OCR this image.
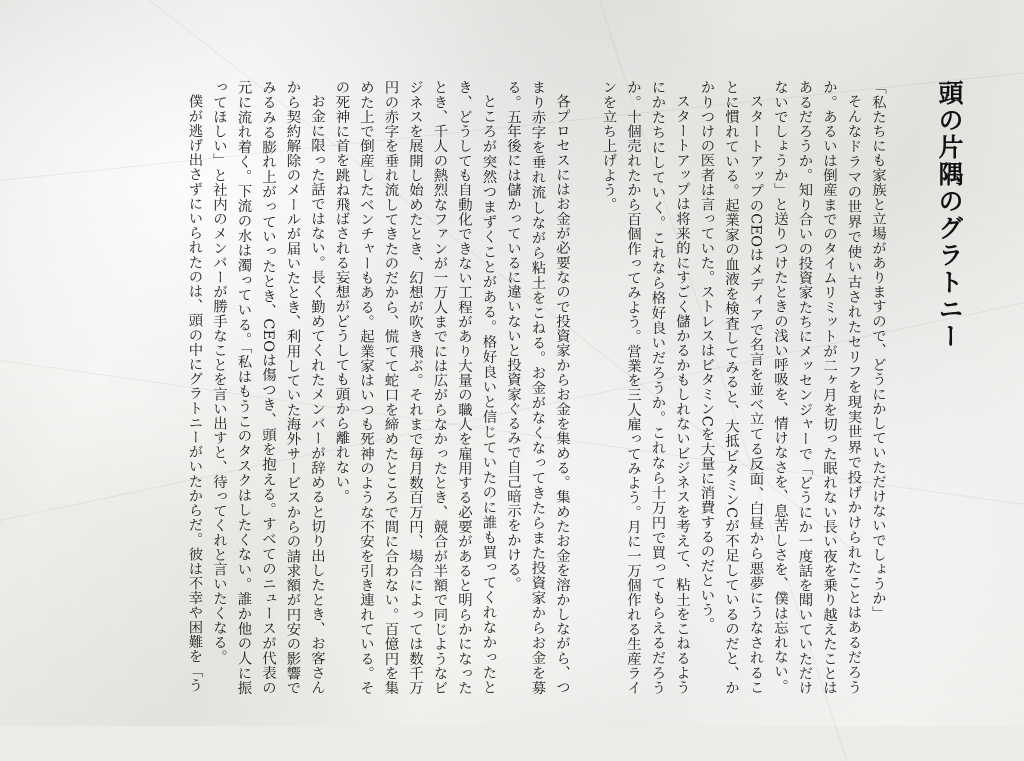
頭の片隅のグラトニー

「私たちにも家族と立場がありますので、どうにかしていただけないでしょうか」

そんなドラマの世界で使い古されたセリフを現実世界で投げかけられたことはあるだろうか。あるいは倒産までのタイムリミットが二ヶ月を切った眠れない長い夜を乗り越えたことはあるだろうか。知り合いの投資家たちにメッセンジャーで「どうにか一度話を聞いていただけないでしょうか」と送りつけたときの浅い呼吸を、情けなさを、息苦しさを、僕は忘れない。

スタートアップのCEOはメディアで名言を並べ立てる反面、白昼から悪夢にうなされることに慣れている。起業家の血液を検査してみると、大抵ビタミンCが不足しているのだと、かかりつけの医者は言っていた。ストレスはビタミンCを大量に消費するのだという。

スタートアップは将来的にすごく儲かるかもしれないビジネスを考えて、粘土をこねるようにかたちにしていく。これなら格好良いだろうか。これなら十万円で買ってもらえるだろうか。十個売れたから百個作ってみよう。営業を三人雇ってみよう。月に一万個作れる生産ラインを立ち上げよう。

各プロセスにはお金が必要なので投資家からお金を集める。集めたお金を溶かしながら、つまり赤字を垂れ流しながら粘土をこねる。お金がなくなってきたらまた投資家からお金を募る。五年後には儲かっているに違いないと投資家ぐるみで自己暗示をかける。

ところが突然つまずくことがある。格好良いと信じていたのに誰も買ってくれなかったとき、どうしても自動化できない工程があり大量の職人を雇用する必要があると明らかになったとき、千人の熱烈なファンが一万人までには広がらなかったとき、競合が半額で同じようなビジネスを展開し始めたとき、幻想が吹き飛ぶ。それまで毎月数百万円、場合によっては数千万円の赤字を垂れ流してきたのだから、慌てて蛇口を締めたところで間に合わない。百億円を集めた上で倒産したベンチャーもある。起業家はいつも死神のような不安を引き連れている。その死神に首を跳ね飛ばされる妄想がどうしても頭から離れない。

お金に限った話ではない。長く勤めてくれたメンバーが辞めると切り出したとき、お客さんから契約解除のメールが届いたとき、利用していた海外サービスからの請求額が円安の影響でみるみる膨れ上がっていったとき、CEOは傷つき、頭を抱える。すべてのニュースが代表の元に流れ着く。下流の水は濁っている。「私はもうこのタスクはしたくない。誰か他の人に振ってほしい」と社内のメンバーが勝手なことを言い出すと、待ってくれと言いたくなる。

僕が逃げ出さずにいられたのは、頭の中にグラトニーがいたからだ。彼は不幸や困難を「う
